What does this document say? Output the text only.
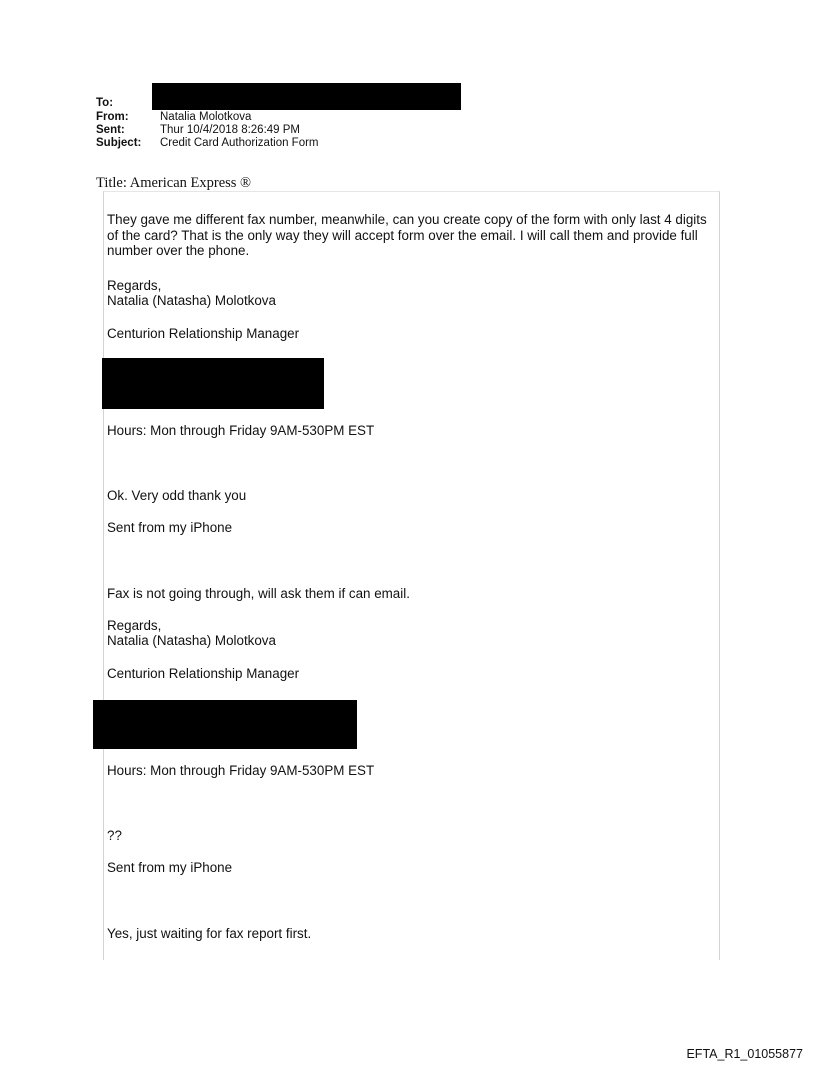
To:
From:	Natalia Molotkova
Sent:	Thur 10/4/2018 8:26:49 PM
Subject: Credit Card Authorization Form
Title: American Express ®
They gave me different fax number, meanwhile, can you create copy of the form with only last 4 digits of the card? That is the only way they will accept form over the email. I will call them and provide full number over the phone.
Regards,
Natalia (Natasha) Molotkova
Centurion Relationship Manager
Hours: Mon through Friday 9AM-530PM EST
Ok. Very odd thank you
Sent from my iPhone
Fax is not going through, will ask them if can email.
Regards,
Natalia (Natasha) Molotkova
Centurion Relationship Manager
Hours: Mon through Friday 9AM-530PM EST
??
Sent from my iPhone
Yes, just waiting for fax report first.
EFTA_R1_01055877
